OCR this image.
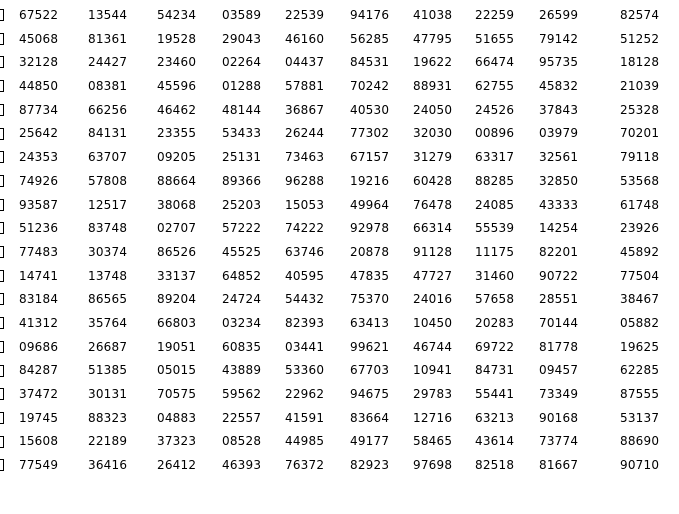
67522 13544 54234 03589 22539 94176 41038 22259 26599	82574
45068 81361 19528 29043 46160 56285 47795 51655 79142	51252
32128 24427 23460 02264 04437 84531 19622 66474 95735	18128
44850 08381 45596 01288 57881 70242 88931 62755 45832	21039
87734 66256 46462 48144 36867 40530 24050 24526 37843	25328
25642 84131 23355 53433 26244 77302 32030 00896 03979	70201
24353 63707 09205 25131 73463 67157 31279 63317 32561	79118
74926 57808 88664 89366 96288 19216 60428 88285 32850	53568
93587 12517 38068 25203 15053 49964 76478 24085 43333	61748
51236 83748 02707 57222 74222 92978 66314 55539 14254	23926
77483 30374 86526 45525 63746 20878 91128 11175 82201	45892
14741 13748 33137 64852 40595 47835 47727 31460 90722	77504
83184 86565 89204 24724 54432 75370 24016 57658 28551	38467
41312 35764 66803 03234 82393 63413 10450 20283 70144	05882
09686 26687 19051 60835 03441 99621 46744 69722 81778	19625
84287 51385 05015 43889 53360 67703 10941 84731 09457	62285
37472 30131 70575 59562 22962 94675 29783 55441 73349	87555
19745 88323 04883 22557 41591 83664 12716 63213 90168	53137
15608 22189 37323 08528 44985 49177 58465 43614 73774	88690
77549 36416 26412 46393 76372 82923 97698 82518 81667	90710
